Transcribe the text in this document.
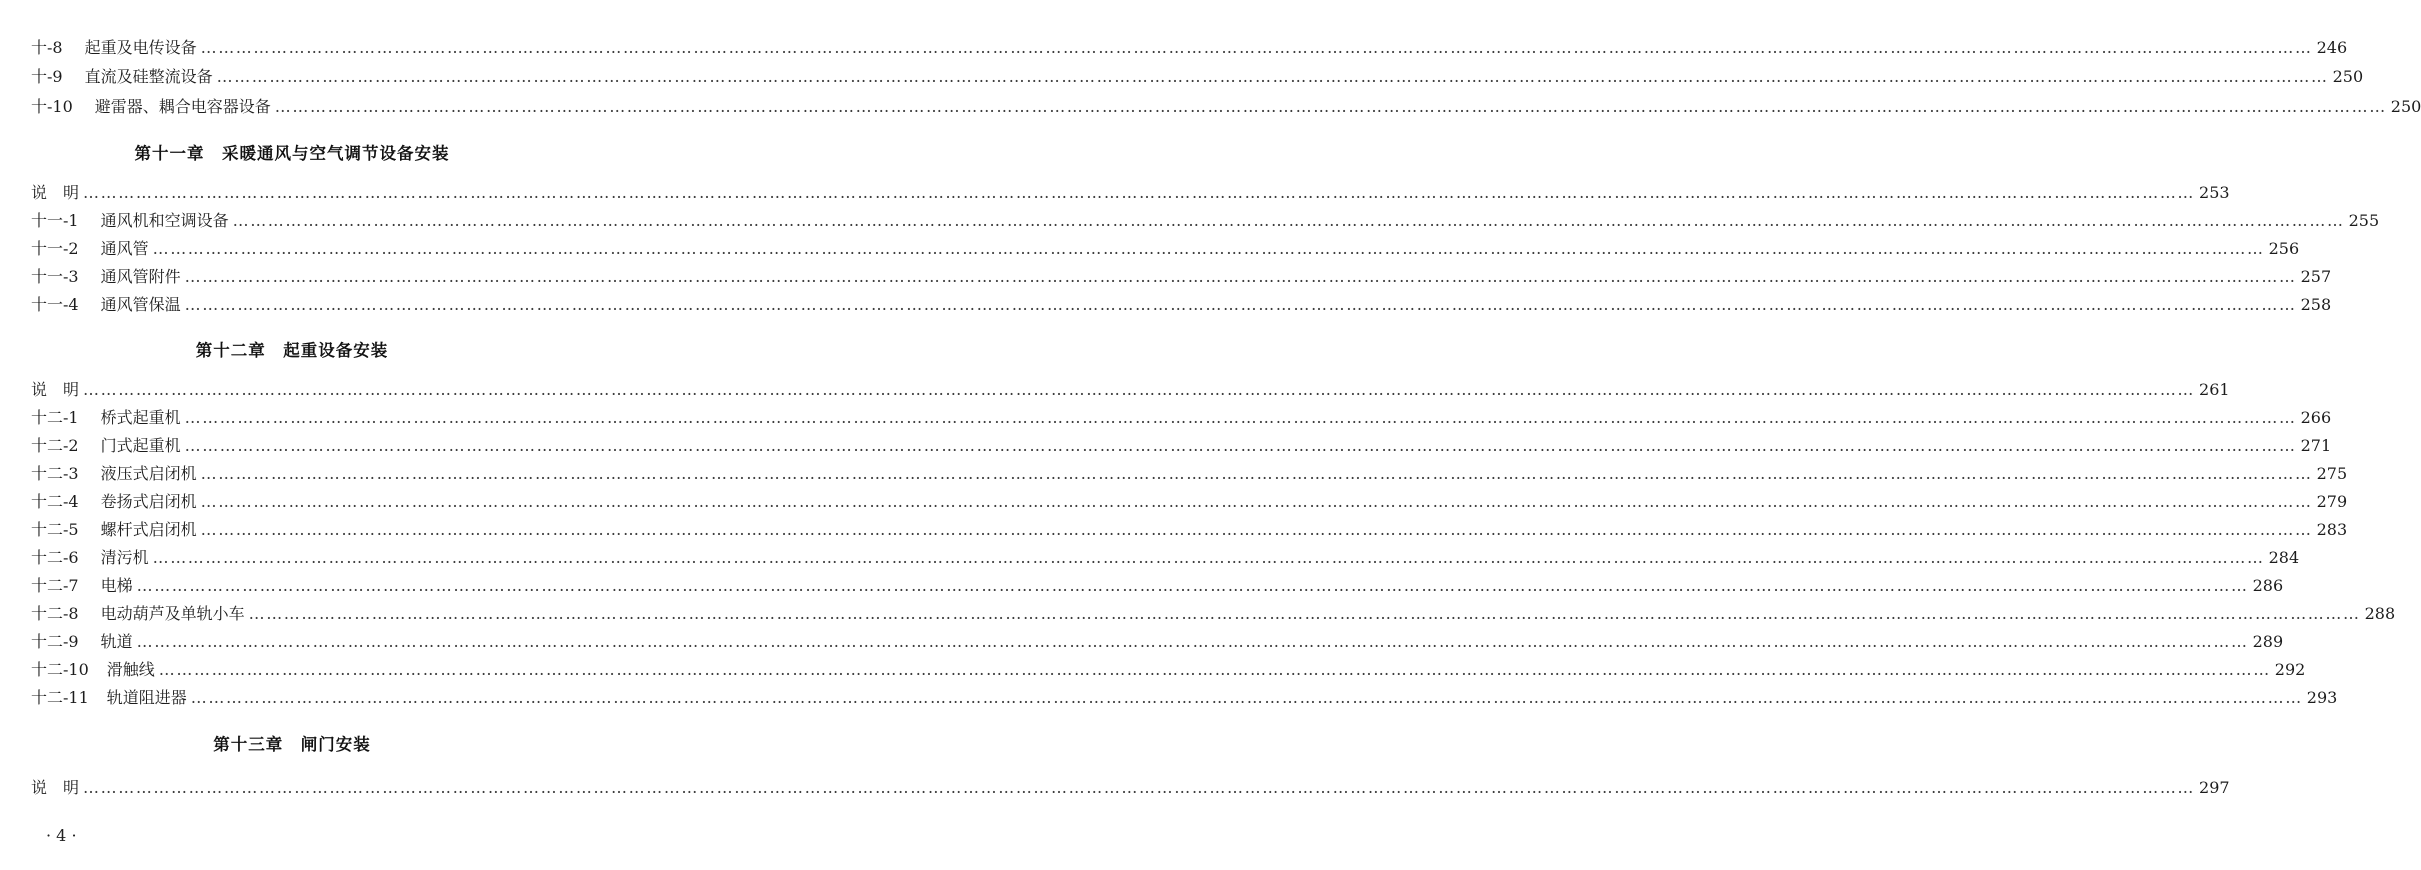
十-8 起重及电传设备 ……………………………………………………………………………………………………………………………………………………………………………………………………………………………………………………………………………………………………………………………… 246
十-9 直流及硅整流设备 ……………………………………………………………………………………………………………………………………………………………………………………………………………………………………………………………………………………………………………………………… 250
十-10 避雷器、耦合电容器设备 ……………………………………………………………………………………………………………………………………………………………………………………………………………………………………………………………………………………………………………………………… 250
第十一章　采暖通风与空气调节设备安装
说　明 ……………………………………………………………………………………………………………………………………………………………………………………………………………………………………………………………………………………………………………………………… 253
十一-1 通风机和空调设备 ……………………………………………………………………………………………………………………………………………………………………………………………………………………………………………………………………………………………………………………………… 255
十一-2 通风管 ……………………………………………………………………………………………………………………………………………………………………………………………………………………………………………………………………………………………………………………………… 256
十一-3 通风管附件 ……………………………………………………………………………………………………………………………………………………………………………………………………………………………………………………………………………………………………………………………… 257
十一-4 通风管保温 ……………………………………………………………………………………………………………………………………………………………………………………………………………………………………………………………………………………………………………………………… 258
第十二章　起重设备安装
说　明 ……………………………………………………………………………………………………………………………………………………………………………………………………………………………………………………………………………………………………………………………… 261
十二-1 桥式起重机 ……………………………………………………………………………………………………………………………………………………………………………………………………………………………………………………………………………………………………………………………… 266
十二-2 门式起重机 ……………………………………………………………………………………………………………………………………………………………………………………………………………………………………………………………………………………………………………………………… 271
十二-3 液压式启闭机 ……………………………………………………………………………………………………………………………………………………………………………………………………………………………………………………………………………………………………………………………… 275
十二-4 卷扬式启闭机 ……………………………………………………………………………………………………………………………………………………………………………………………………………………………………………………………………………………………………………………………… 279
十二-5 螺杆式启闭机 ……………………………………………………………………………………………………………………………………………………………………………………………………………………………………………………………………………………………………………………………… 283
十二-6 清污机 ……………………………………………………………………………………………………………………………………………………………………………………………………………………………………………………………………………………………………………………………… 284
十二-7 电梯 ……………………………………………………………………………………………………………………………………………………………………………………………………………………………………………………………………………………………………………………………… 286
十二-8 电动葫芦及单轨小车 ……………………………………………………………………………………………………………………………………………………………………………………………………………………………………………………………………………………………………………………………… 288
十二-9 轨道 ……………………………………………………………………………………………………………………………………………………………………………………………………………………………………………………………………………………………………………………………… 289
十二-10 滑触线 ……………………………………………………………………………………………………………………………………………………………………………………………………………………………………………………………………………………………………………………………… 292
十二-11 轨道阻进器 ……………………………………………………………………………………………………………………………………………………………………………………………………………………………………………………………………………………………………………………………… 293
第十三章　闸门安装
说　明 ……………………………………………………………………………………………………………………………………………………………………………………………………………………………………………………………………………………………………………………………… 297
· 4 ·
